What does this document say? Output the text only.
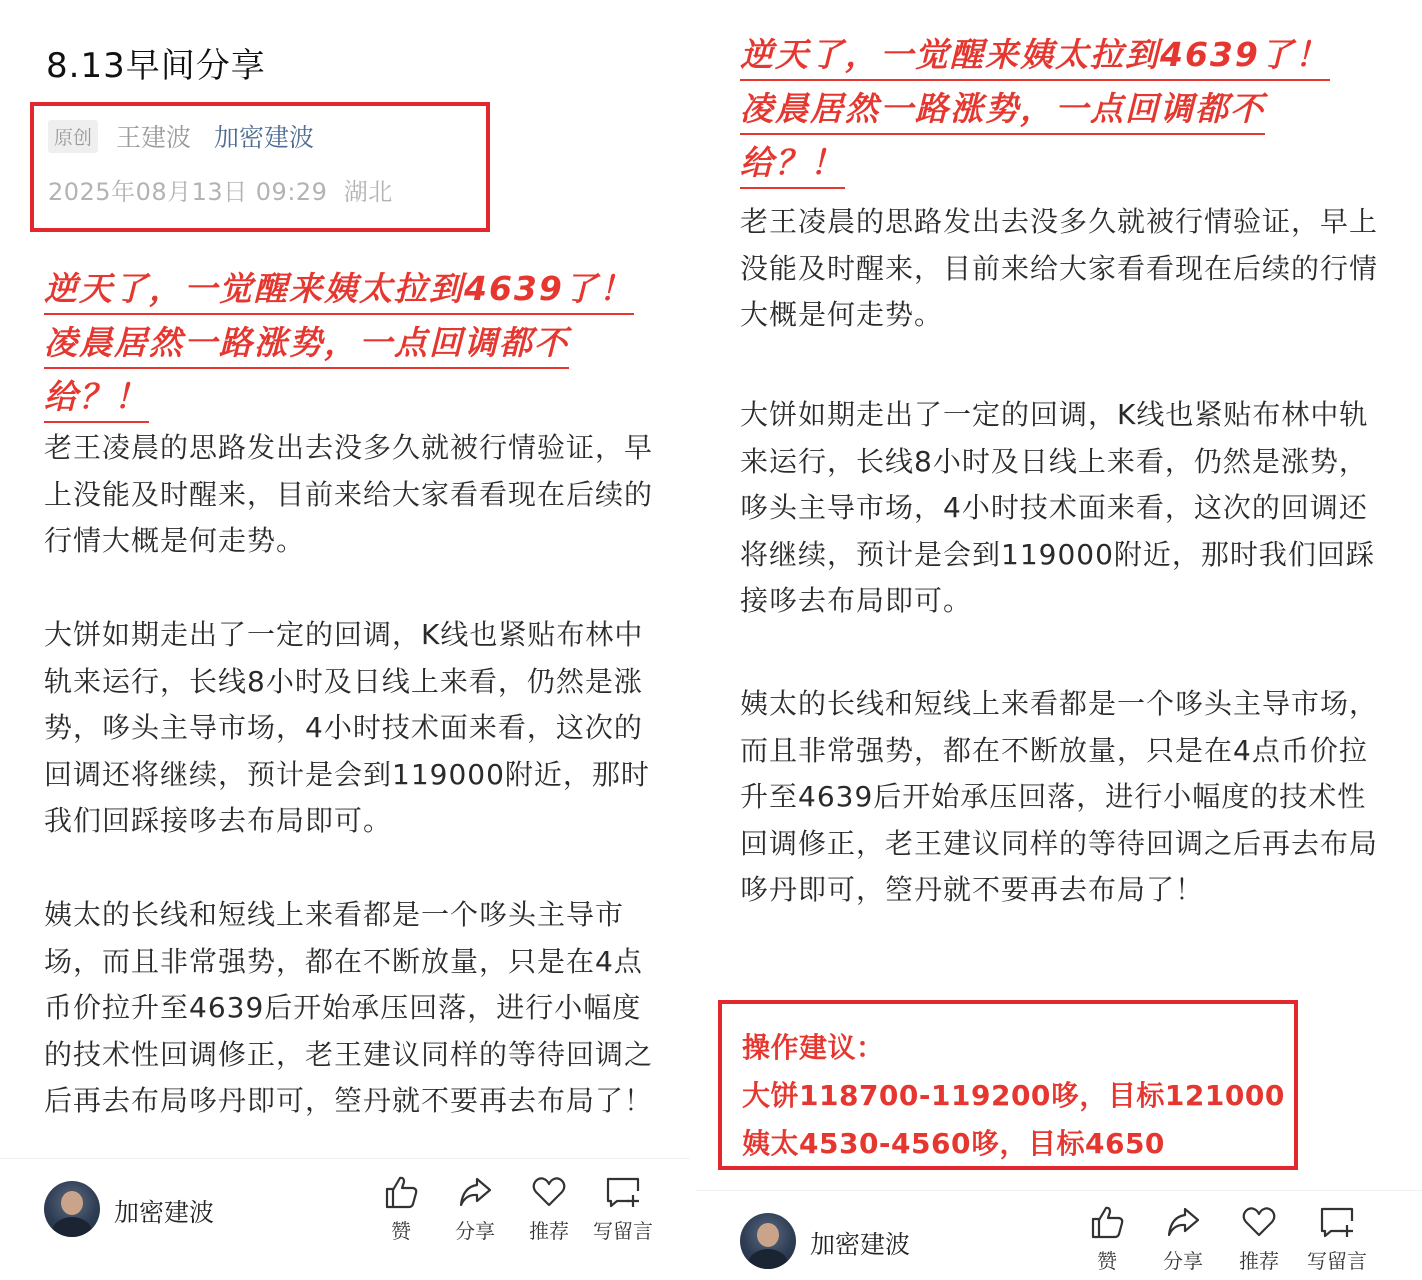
8.13早间分享
原创 王建波 加密建波
2025年08月13日 09:29 湖北
逆天了，一觉醒来姨太拉到4639了！
凌晨居然一路涨势，一点回调都不
给？！

老王凌晨的思路发出去没多久就被行情验证，早上没能及时醒来，目前来给大家看看现在后续的行情大概是何走势。

大饼如期走出了一定的回调，K线也紧贴布林中轨来运行，长线8小时及日线上来看，仍然是涨势，哆头主导市场，4小时技术面来看，这次的回调还将继续，预计是会到119000附近，那时我们回踩接哆去布局即可。

姨太的长线和短线上来看都是一个哆头主导市场，而且非常强势，都在不断放量，只是在4点币价拉升至4639后开始承压回落，进行小幅度的技术性回调修正，老王建议同样的等待回调之后再去布局哆丹即可，箜丹就不要再去布局了！

加密建波
赞	分享	推荐	写留言
逆天了，一觉醒来姨太拉到4639了！
凌晨居然一路涨势，一点回调都不
给？！

老王凌晨的思路发出去没多久就被行情验证，早上没能及时醒来，目前来给大家看看现在后续的行情大概是何走势。

大饼如期走出了一定的回调，K线也紧贴布林中轨来运行，长线8小时及日线上来看，仍然是涨势，哆头主导市场，4小时技术面来看，这次的回调还将继续，预计是会到119000附近，那时我们回踩接哆去布局即可。

姨太的长线和短线上来看都是一个哆头主导市场，而且非常强势，都在不断放量，只是在4点币价拉升至4639后开始承压回落，进行小幅度的技术性回调修正，老王建议同样的等待回调之后再去布局哆丹即可，箜丹就不要再去布局了！

操作建议：
大饼118700-119200哆，目标121000
姨太4530-4560哆，目标4650
加密建波
赞	分享	推荐	写留言
